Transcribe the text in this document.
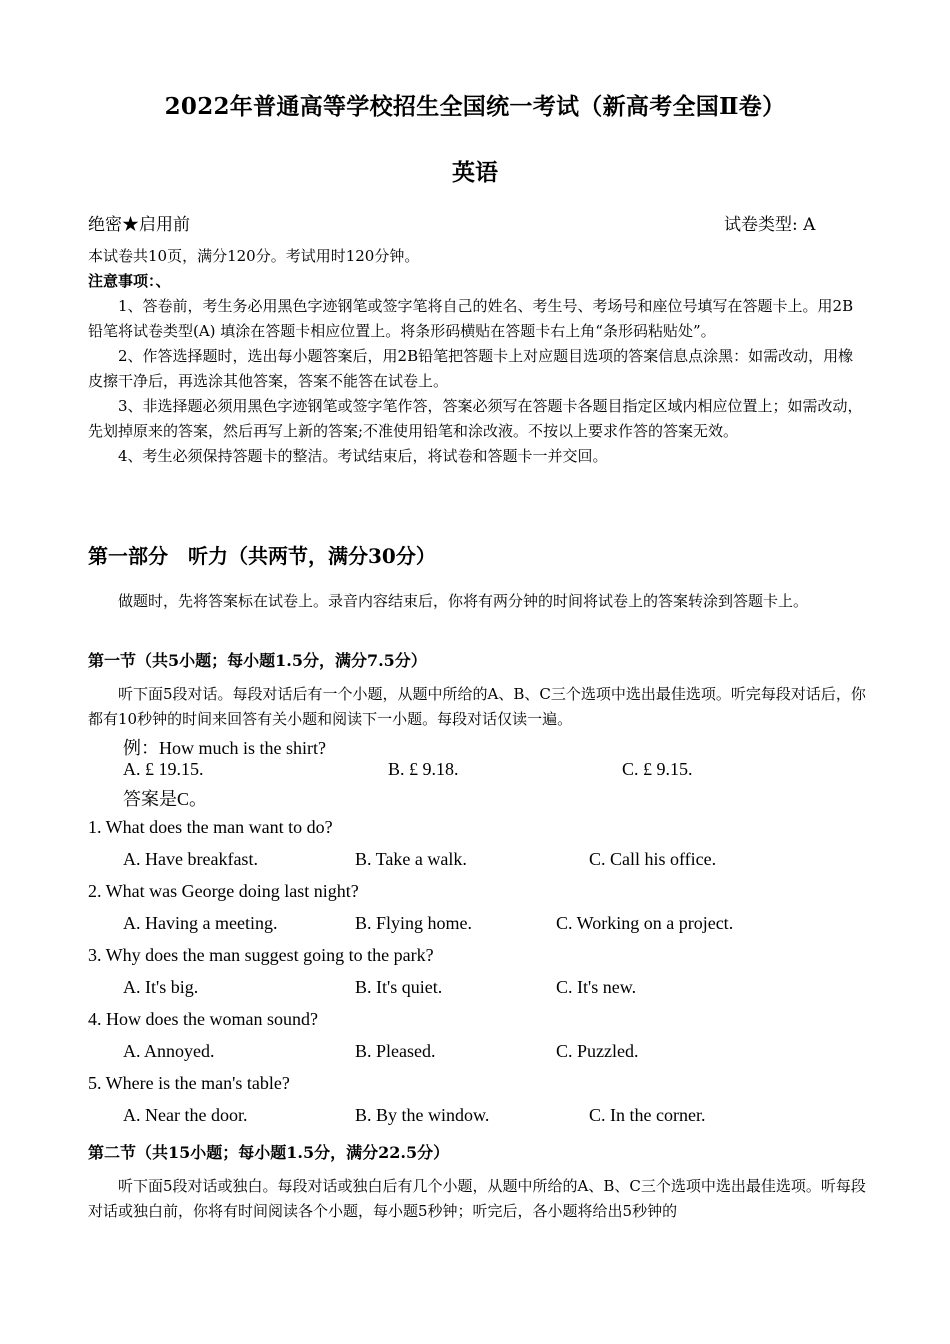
2022年普通高等学校招生全国统一考试（新高考全国Ⅱ卷）
英语
绝密★启用前	试卷类型: A

本试卷共10页，满分120分。考试用时120分钟。

注意事项：、

1、答卷前，考生务必用黑色字迹钢笔或签字笔将自己的姓名、考生号、考场号和座位号填写在答题卡上。用2B铅笔将试卷类型(A) 填涂在答题卡相应位置上。将条形码横贴在答题卡右上角“条形码粘贴处”。

2、作答选择题时，选出每小题答案后，用2B铅笔把答题卡上对应题目选项的答案信息点涂黑：如需改动，用橡皮擦干净后，再选涂其他答案，答案不能答在试卷上。

3、非选择题必须用黑色字迹钢笔或签字笔作答，答案必须写在答题卡各题目指定区域内相应位置上；如需改动，先划掉原来的答案，然后再写上新的答案;不准使用铅笔和涂改液。不按以上要求作答的答案无效。

4、考生必须保持答题卡的整洁。考试结束后，将试卷和答题卡一并交回。

第一部分　听力（共两节，满分30分）
做题时，先将答案标在试卷上。录音内容结束后，你将有两分钟的时间将试卷上的答案转涂到答题卡上。
第一节（共5小题；每小题1.5分，满分7.5分）
听下面5段对话。每段对话后有一个小题，从题中所给的A、B、C三个选项中选出最佳选项。听完每段对话后，你都有10秒钟的时间来回答有关小题和阅读下一小题。每段对话仅读一遍。
例：How much is the shirt?
A. £ 19.15.	B. £ 9.18.	C. £ 9.15.
答案是C。
1. What does the man want to do?
A. Have breakfast.	B. Take a walk.	C. Call his office.
2. What was George doing last night?
A. Having a meeting.	B. Flying home.	C. Working on a project.
3. Why does the man suggest going to the park?
A. It's big.	B. It's quiet.	C. It's new.
4. How does the woman sound?
A. Annoyed.	B. Pleased.	C. Puzzled.
5. Where is the man's table?
A. Near the door.	B. By the window.	C. In the corner.
第二节（共15小题；每小题1.5分，满分22.5分）
听下面5段对话或独白。每段对话或独白后有几个小题，从题中所给的A、B、C三个选项中选出最佳选项。听每段对话或独白前，你将有时间阅读各个小题，每小题5秒钟；听完后，各小题将给出5秒钟的
